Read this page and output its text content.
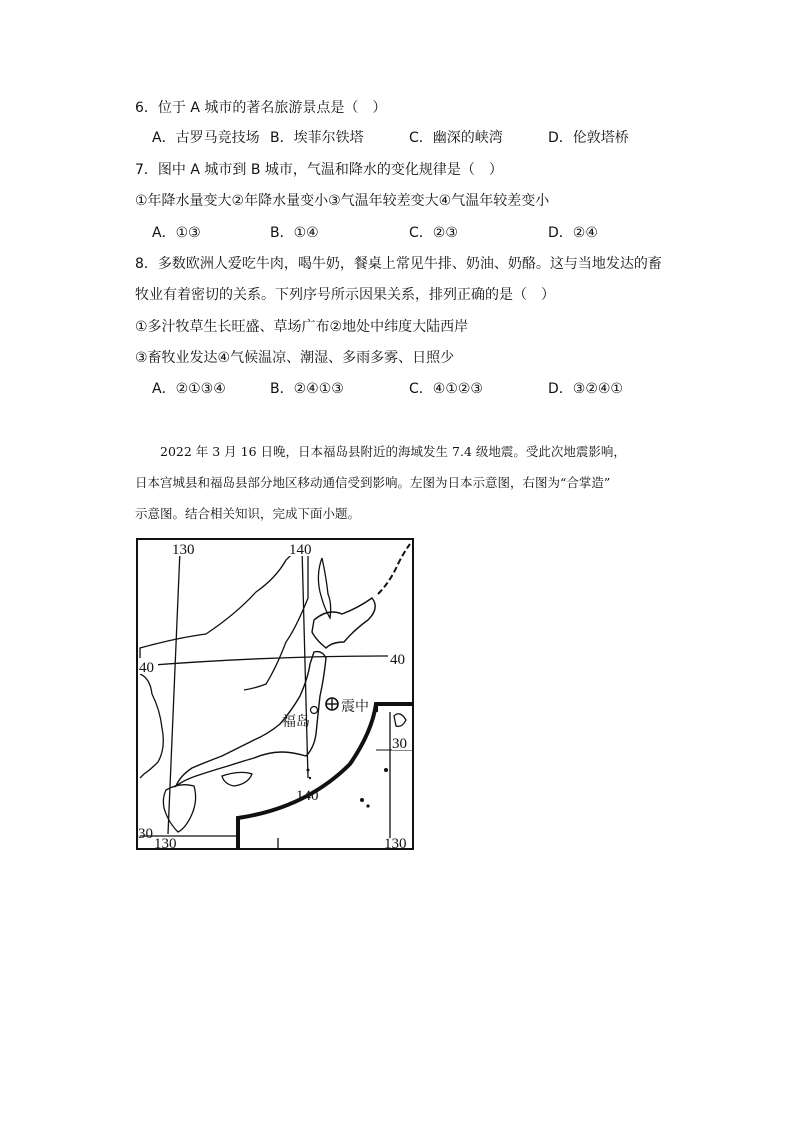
6．位于 A 城市的著名旅游景点是（　）
A．古罗马竞技场 B．埃菲尔铁塔	C．幽深的峡湾	D．伦敦塔桥
7．图中 A 城市到 B 城市，气温和降水的变化规律是（　）
①年降水量变大②年降水量变小③气温年较差变大④气温年较差变小
A．①③	B．①④	C．②③	D．②④
8．多数欧洲人爱吃牛肉，喝牛奶，餐桌上常见牛排、奶油、奶酪。这与当地发达的畜
牧业有着密切的关系。下列序号所示因果关系，排列正确的是（　）
①多汁牧草生长旺盛、草场广布②地处中纬度大陆西岸
③畜牧业发达④气候温凉、潮湿、多雨多雾、日照少
A．②①③④	B．②④①③	C．④①②③	D．③②④①
　　2022 年 3 月 16 日晚，日本福岛县附近的海域发生 7.4 级地震。受此次地震影响，
日本宫城县和福岛县部分地区移动通信受到影响。左图为日本示意图，右图为“合掌造”
示意图。结合相关知识，完成下面小题。
130	140
40	40
福岛
震中
30
140
30
130	130
